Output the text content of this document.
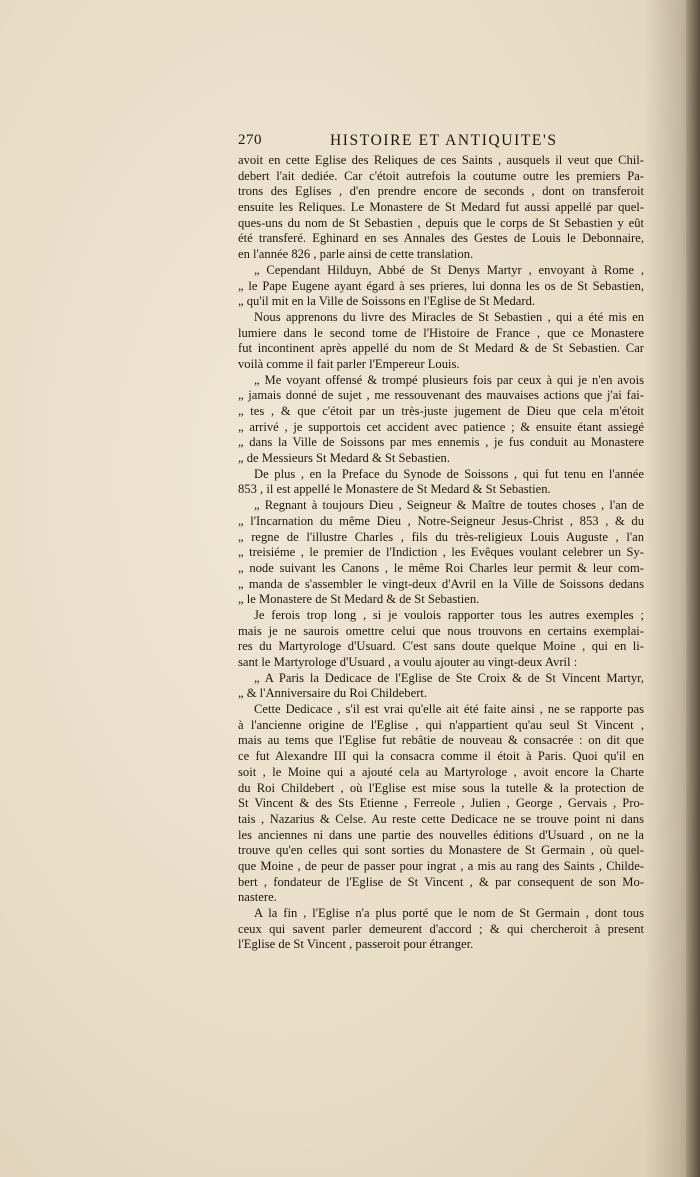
270	HISTOIRE ET ANTIQUITE'S
avoit en cette Eglise des Reliques de ces Saints , ausquels il veut que Chil-
debert l'ait dediée. Car c'étoit autrefois la coutume outre les premiers Pa-
trons des Eglises , d'en prendre encore de seconds , dont on transferoit
ensuite les Reliques. Le Monastere de St Medard fut aussi appellé par quel-
ques-uns du nom de St Sebastien , depuis que le corps de St Sebastien y eût
été transferé. Eghinard en ses Annales des Gestes de Louis le Debonnaire,
en l'année 826 , parle ainsi de cette translation.
„ Cependant Hilduyn, Abbé de St Denys Martyr , envoyant à Rome ,
„ le Pape Eugene ayant égard à ses prieres, lui donna les os de St Sebastien,
„ qu'il mit en la Ville de Soissons en l'Eglise de St Medard.
Nous apprenons du livre des Miracles de St Sebastien , qui a été mis en
lumiere dans le second tome de l'Histoire de France , que ce Monastere
fut incontinent après appellé du nom de St Medard & de St Sebastien. Car
voilà comme il fait parler l'Empereur Louis.
„ Me voyant offensé & trompé plusieurs fois par ceux à qui je n'en avois
„ jamais donné de sujet , me ressouvenant des mauvaises actions que j'ai fai-
„ tes , & que c'étoit par un très-juste jugement de Dieu que cela m'étoit
„ arrivé , je supportois cet accident avec patience ; & ensuite étant assiegé
„ dans la Ville de Soissons par mes ennemis , je fus conduit au Monastere
„ de Messieurs St Medard & St Sebastien.
De plus , en la Preface du Synode de Soissons , qui fut tenu en l'année
853 , il est appellé le Monastere de St Medard & St Sebastien.
„ Regnant à toujours Dieu , Seigneur & Maître de toutes choses , l'an de
„ l'Incarnation du même Dieu , Notre-Seigneur Jesus-Christ , 853 , & du
„ regne de l'illustre Charles , fils du très-religieux Louis Auguste , l'an
„ treisiéme , le premier de l'Indiction , les Evêques voulant celebrer un Sy-
„ node suivant les Canons , le même Roi Charles leur permit & leur com-
„ manda de s'assembler le vingt-deux d'Avril en la Ville de Soissons dedans
„ le Monastere de St Medard & de St Sebastien.
Je ferois trop long , si je voulois rapporter tous les autres exemples ;
mais je ne saurois omettre celui que nous trouvons en certains exemplai-
res du Martyrologe d'Usuard. C'est sans doute quelque Moine , qui en li-
sant le Martyrologe d'Usuard , a voulu ajouter au vingt-deux Avril :
„ A Paris la Dedicace de l'Eglise de Ste Croix & de St Vincent Martyr,
„ & l'Anniversaire du Roi Childebert.
Cette Dedicace , s'il est vrai qu'elle ait été faite ainsi , ne se rapporte pas
à l'ancienne origine de l'Eglise , qui n'appartient qu'au seul St Vincent ,
mais au tems que l'Eglise fut rebâtie de nouveau & consacrée : on dit que
ce fut Alexandre III qui la consacra comme il étoit à Paris. Quoi qu'il en
soit , le Moine qui a ajouté cela au Martyrologe , avoit encore la Charte
du Roi Childebert , où l'Eglise est mise sous la tutelle & la protection de
St Vincent & des Sts Etienne , Ferreole , Julien , George , Gervais , Pro-
tais , Nazarius & Celse. Au reste cette Dedicace ne se trouve point ni dans
les anciennes ni dans une partie des nouvelles éditions d'Usuard , on ne la
trouve qu'en celles qui sont sorties du Monastere de St Germain , où quel-
que Moine , de peur de passer pour ingrat , a mis au rang des Saints , Childe-
bert , fondateur de l'Eglise de St Vincent , & par consequent de son Mo-
nastere.
A la fin , l'Eglise n'a plus porté que le nom de St Germain , dont tous
ceux qui savent parler demeurent d'accord ; & qui chercheroit à present
l'Eglise de St Vincent , passeroit pour étranger.
